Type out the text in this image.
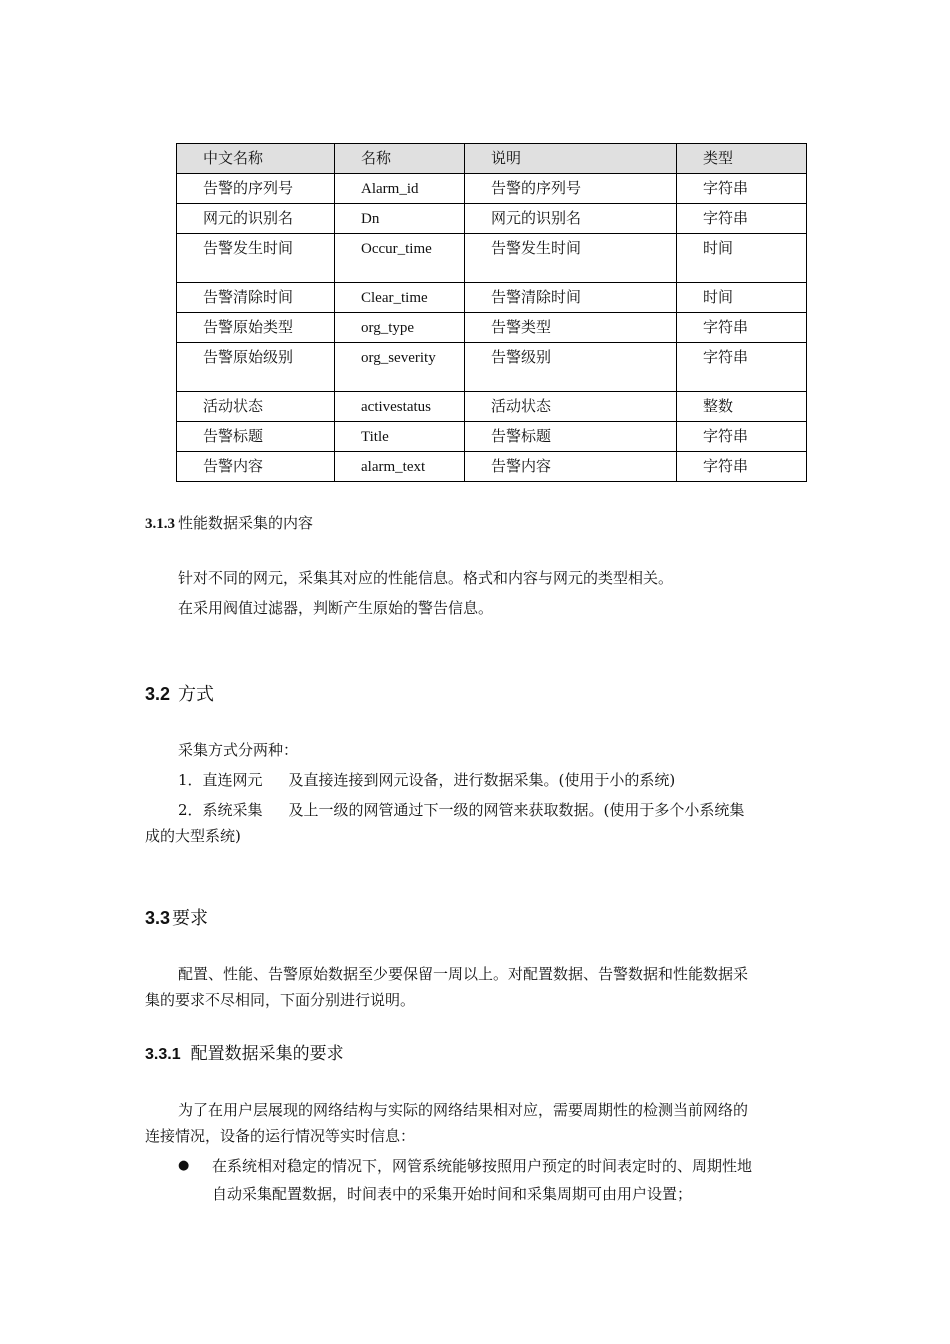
中文名称	名称	说明	类型
告警的序列号	Alarm_id	告警的序列号	字符串
网元的识别名	Dn	网元的识别名	字符串
告警发生时间	Occur_time	告警发生时间	时间
告警清除时间	Clear_time	告警清除时间	时间
告警原始类型	org_type	告警类型	字符串
告警原始级别	org_severity	告警级别	字符串
活动状态	activestatus	活动状态	整数
告警标题	Title	告警标题	字符串
告警内容	alarm_text	告警内容	字符串
3.1.3 性能数据采集的内容
针对不同的网元，采集其对应的性能信息。格式和内容与网元的类型相关。
在采用阀值过滤器，判断产生原始的警告信息。
3.2 方式
采集方式分两种：
1．直连网元 及直接连接到网元设备，进行数据采集。(使用于小的系统)
2．系统采集 及上一级的网管通过下一级的网管来获取数据。(使用于多个小系统集
成的大型系统)
3.3 要求
配置、性能、告警原始数据至少要保留一周以上。对配置数据、告警数据和性能数据采
集的要求不尽相同，下面分别进行说明。
3.3.1 配置数据采集的要求
为了在用户层展现的网络结构与实际的网络结果相对应，需要周期性的检测当前网络的
连接情况，设备的运行情况等实时信息：
● 在系统相对稳定的情况下，网管系统能够按照用户预定的时间表定时的、周期性地
自动采集配置数据，时间表中的采集开始时间和采集周期可由用户设置；
